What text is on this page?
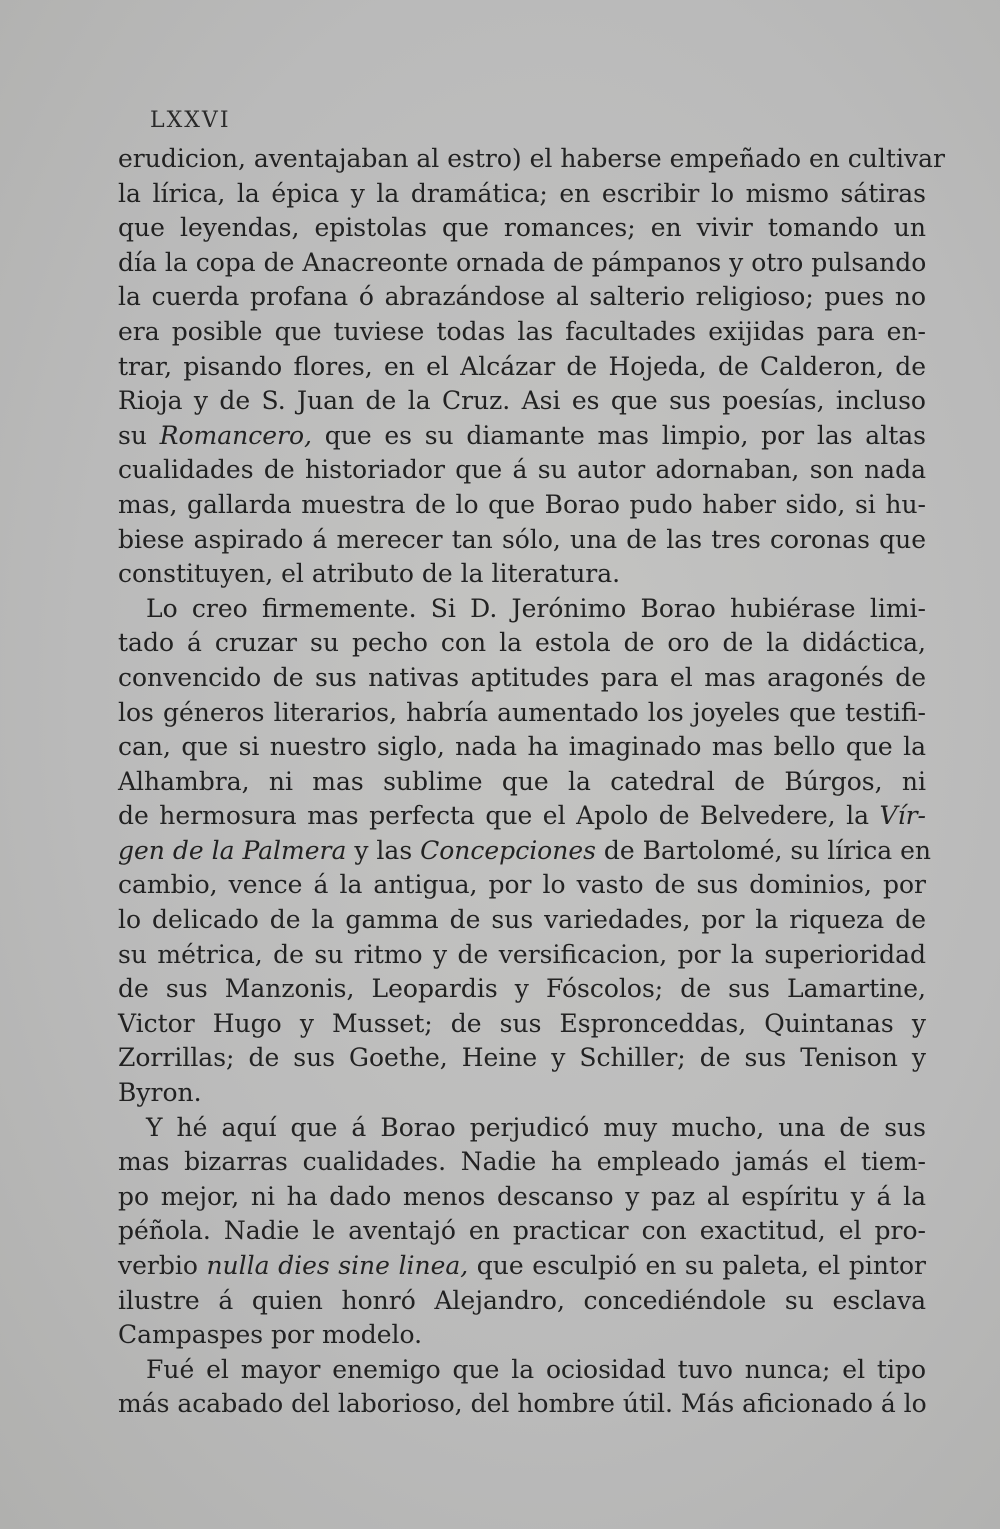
LXXVI
erudicion, aventajaban al estro) el haberse empeñado en cultivar
la lírica, la épica y la dramática; en escribir lo mismo sátiras
que leyendas, epistolas que romances; en vivir tomando un
día la copa de Anacreonte ornada de pámpanos y otro pulsando
la cuerda profana ó abrazándose al salterio religioso; pues no
era posible que tuviese todas las facultades exijidas para en-
trar, pisando flores, en el Alcázar de Hojeda, de Calderon, de
Rioja y de S. Juan de la Cruz. Asi es que sus poesías, incluso
su Romancero, que es su diamante mas limpio, por las altas
cualidades de historiador que á su autor adornaban, son nada
mas, gallarda muestra de lo que Borao pudo haber sido, si hu-
biese aspirado á merecer tan sólo, una de las tres coronas que
constituyen, el atributo de la literatura.
Lo creo firmemente. Si D. Jerónimo Borao hubiérase limi-
tado á cruzar su pecho con la estola de oro de la didáctica,
convencido de sus nativas aptitudes para el mas aragonés de
los géneros literarios, habría aumentado los joyeles que testifi-
can, que si nuestro siglo, nada ha imaginado mas bello que la
Alhambra, ni mas sublime que la catedral de Búrgos, ni
de hermosura mas perfecta que el Apolo de Belvedere, la Vír-
gen de la Palmera y las Concepciones de Bartolomé, su lírica en
cambio, vence á la antigua, por lo vasto de sus dominios, por
lo delicado de la gamma de sus variedades, por la riqueza de
su métrica, de su ritmo y de versificacion, por la superioridad
de sus Manzonis, Leopardis y Fóscolos; de sus Lamartine,
Victor Hugo y Musset; de sus Espronceddas, Quintanas y
Zorrillas; de sus Goethe, Heine y Schiller; de sus Tenison y
Byron.
Y hé aquí que á Borao perjudicó muy mucho, una de sus
mas bizarras cualidades. Nadie ha empleado jamás el tiem-
po mejor, ni ha dado menos descanso y paz al espíritu y á la
péñola. Nadie le aventajó en practicar con exactitud, el pro-
verbio nulla dies sine linea, que esculpió en su paleta, el pintor
ilustre á quien honró Alejandro, concediéndole su esclava
Campaspes por modelo.
Fué el mayor enemigo que la ociosidad tuvo nunca; el tipo
más acabado del laborioso, del hombre útil. Más aficionado á lo
